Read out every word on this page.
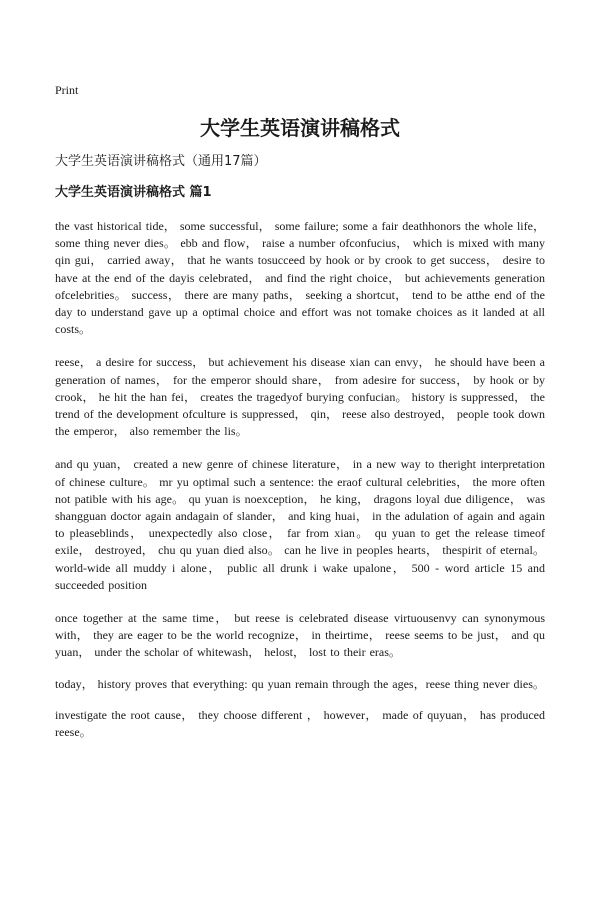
Print
大学生英语演讲稿格式
大学生英语演讲稿格式（通用17篇）
大学生英语演讲稿格式 篇1

the vast historical tide， some successful， some failure; some a fair deathhonors the whole life， some thing never dies。 ebb and flow， raise a number ofconfucius， which is mixed with many qin gui， carried away， that he wants tosucceed by hook or by crook to get success， desire to have at the end of the dayis celebrated， and find the right choice， but achievements generation ofcelebrities。 success， there are many paths， seeking a shortcut， tend to be atthe end of the day to understand gave up a optimal choice and effort was not tomake choices as it landed at all costs。

reese， a desire for success， but achievement his disease xian can envy， he should have been a generation of names， for the emperor should share， from adesire for success， by hook or by crook， he hit the han fei， creates the tragedyof burying confucian。 history is suppressed， the trend of the development ofculture is suppressed， qin， reese also destroyed， people took down the emperor， also remember the lis。

and qu yuan， created a new genre of chinese literature， in a new way to theright interpretation of chinese culture。 mr yu optimal such a sentence: the eraof cultural celebrities， the more often not patible with his age。 qu yuan is noexception， he king， dragons loyal due diligence， was shangguan doctor again andagain of slander， and king huai， in the adulation of again and again to pleaseblinds， unexpectedly also close， far from xian。 qu yuan to get the release timeof exile， destroyed， chu qu yuan died also。 can he live in peoples hearts， thespirit of eternal。 world-wide all muddy i alone， public all drunk i wake upalone， 500 - word article 15 and succeeded position

once together at the same time， but reese is celebrated disease virtuousenvy can synonymous with， they are eager to be the world recognize， in theirtime， reese seems to be just， and qu yuan， under the scholar of whitewash， helost， lost to their eras。

today， history proves that everything: qu yuan remain through the ages，reese thing never dies。

investigate the root cause， they choose different ， however， made of quyuan， has produced reese。
